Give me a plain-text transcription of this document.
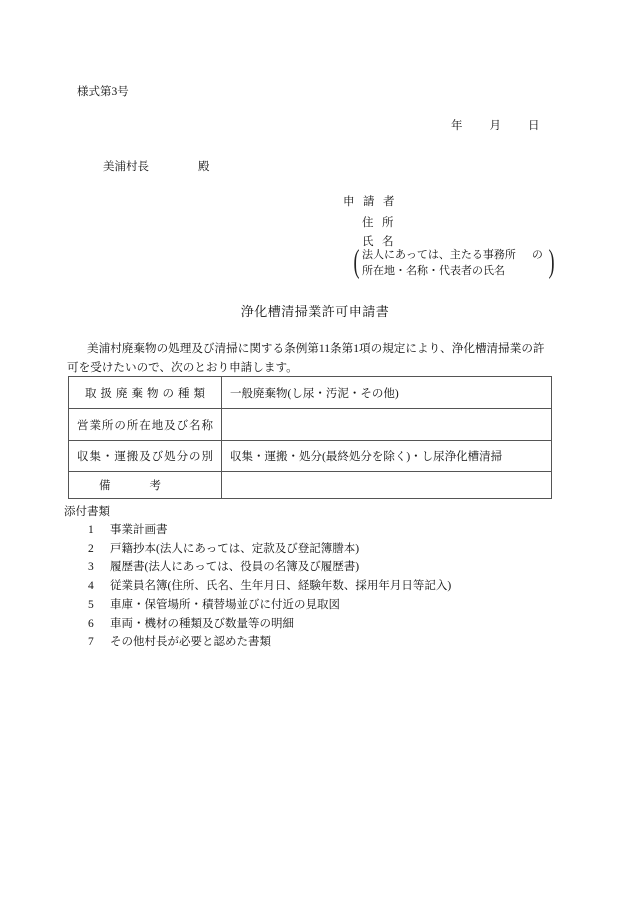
様式第3号
年 月 日
美浦村長	殿
申請者
住所
氏名
( 法人にあっては、主たる事務所
所在地・名称・代表者の氏名
の )
浄化槽清掃業許可申請書
美浦村廃棄物の処理及び清掃に関する条例第11条第1項の規定により、浄化槽清掃業の許
可を受けたいので、次のとおり申請します。
取扱廃棄物の種類	一般廃棄物(し尿・汚泥・その他)
営業所の所在地及び名称	
収集・運搬及び処分の別	収集・運搬・処分(最終処分を除く)・し尿浄化槽清掃
備考	
添付書類
1 事業計画書
2 戸籍抄本(法人にあっては、定款及び登記簿謄本)
3 履歴書(法人にあっては、役員の名簿及び履歴書)
4 従業員名簿(住所、氏名、生年月日、経験年数、採用年月日等記入)
5 車庫・保管場所・積替場並びに付近の見取図
6 車両・機材の種類及び数量等の明細
7 その他村長が必要と認めた書類
